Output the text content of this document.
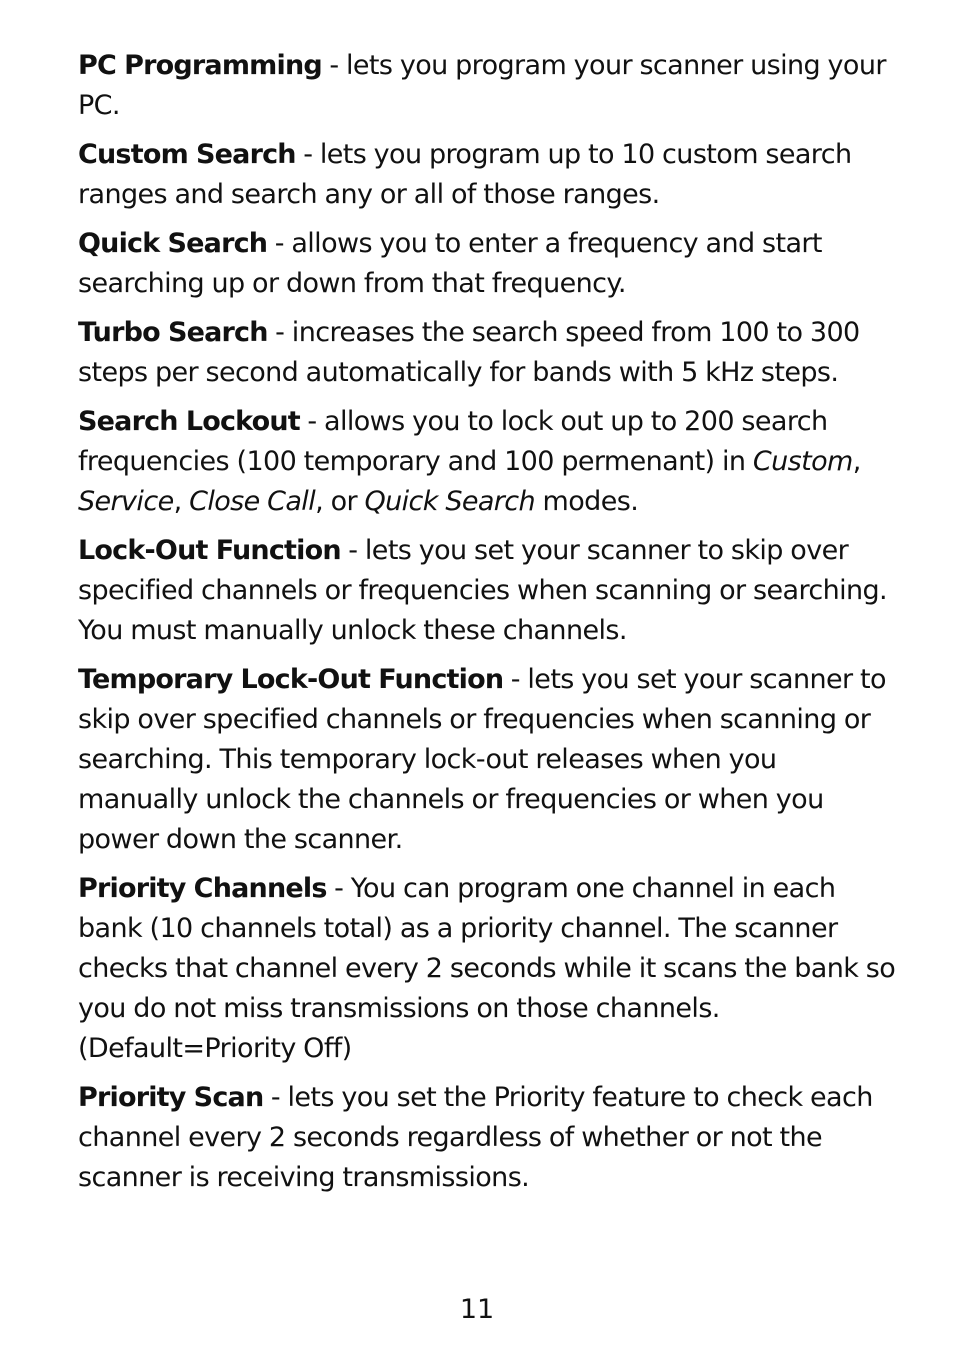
PC Programming - lets you program your scanner using your PC.

Custom Search - lets you program up to 10 custom search ranges and search any or all of those ranges.

Quick Search - allows you to enter a frequency and start searching up or down from that frequency.

Turbo Search - increases the search speed from 100 to 300 steps per second automatically for bands with 5 kHz steps.

Search Lockout - allows you to lock out up to 200 search frequencies (100 temporary and 100 permenant) in Custom, Service, Close Call, or Quick Search modes.

Lock-Out Function - lets you set your scanner to skip over specified channels or frequencies when scanning or searching. You must manually unlock these channels.

Temporary Lock-Out Function - lets you set your scanner to skip over specified channels or frequencies when scanning or searching. This temporary lock-out releases when you manually unlock the channels or frequencies or when you power down the scanner.

Priority Channels - You can program one channel in each bank (10 channels total) as a priority channel. The scanner checks that channel every 2 seconds while it scans the bank so you do not miss transmissions on those channels. (Default=Priority Off)

Priority Scan - lets you set the Priority feature to check each channel every 2 seconds regardless of whether or not the scanner is receiving transmissions.

11
